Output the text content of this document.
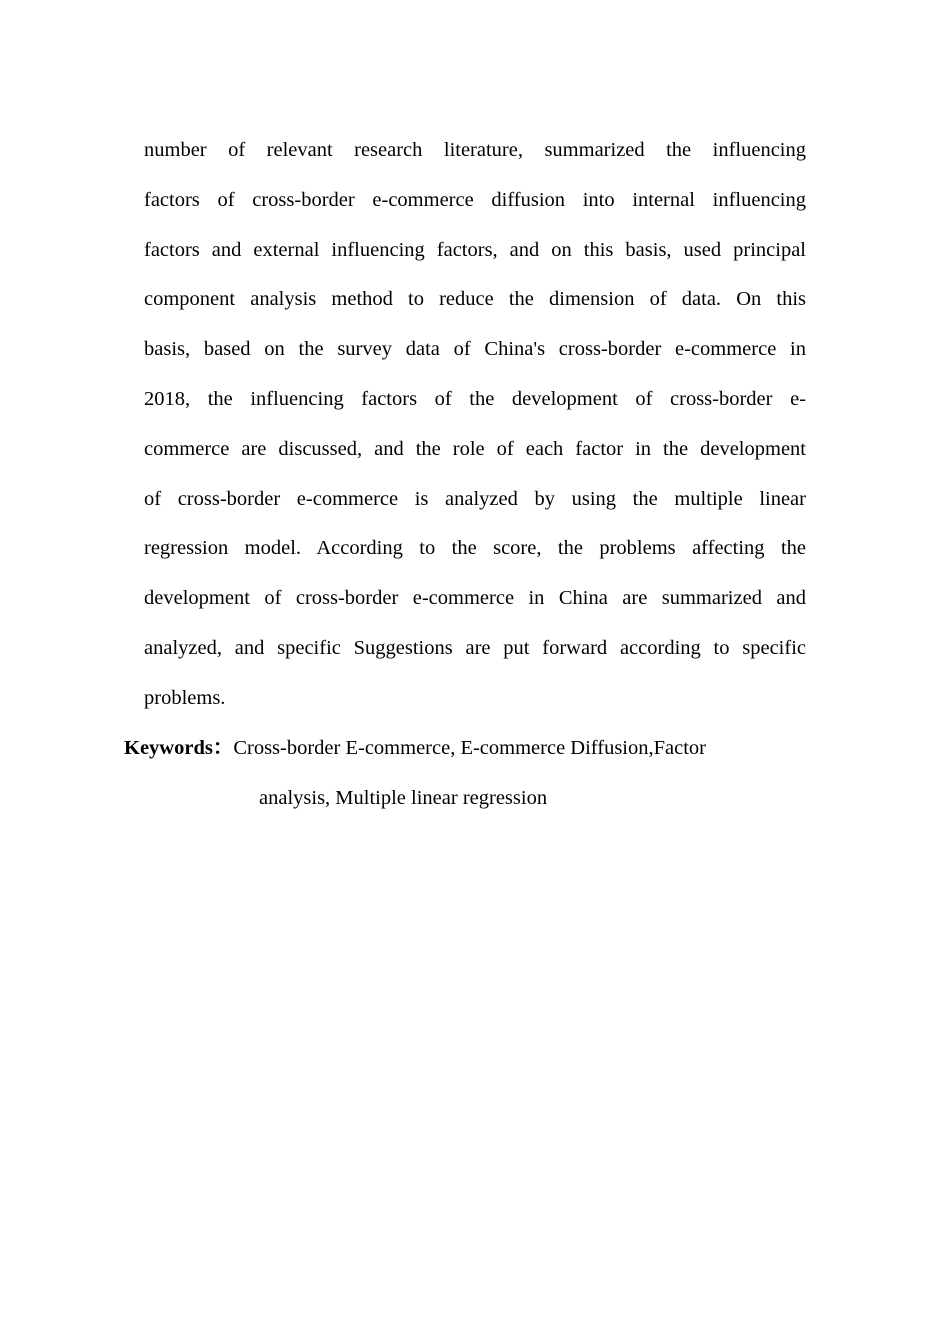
number of relevant research literature, summarized the influencing
factors of cross-border e-commerce diffusion into internal influencing
factors and external influencing factors, and on this basis, used principal
component analysis method to reduce the dimension of data. On this
basis, based on the survey data of China's cross-border e-commerce in
2018, the influencing factors of the development of cross-border e-
commerce are discussed, and the role of each factor in the development
of cross-border e-commerce is analyzed by using the multiple linear
regression model. According to the score, the problems affecting the
development of cross-border e-commerce in China are summarized and
analyzed, and specific Suggestions are put forward according to specific
problems.
Keywords：Cross-border E-commerce, E-commerce Diffusion,Factor
analysis, Multiple linear regression
